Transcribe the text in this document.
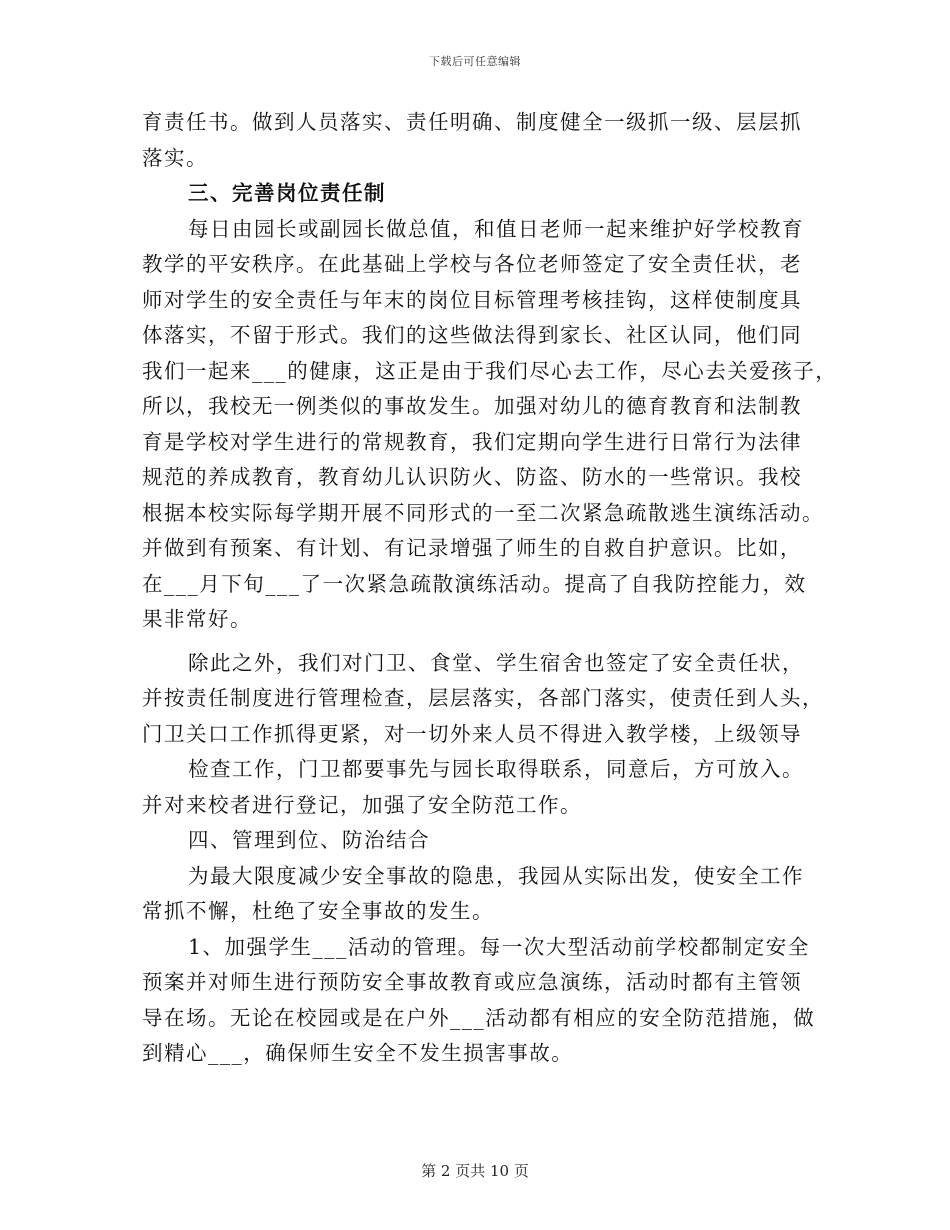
下载后可任意编辑
育责任书。做到人员落实、责任明确、制度健全一级抓一级、层层抓
落实。
三、完善岗位责任制
每日由园长或副园长做总值，和值日老师一起来维护好学校教育
教学的平安秩序。在此基础上学校与各位老师签定了安全责任状，老
师对学生的安全责任与年末的岗位目标管理考核挂钩，这样使制度具
体落实，不留于形式。我们的这些做法得到家长、社区认同，他们同
我们一起来___的健康，这正是由于我们尽心去工作，尽心去关爱孩子，
所以，我校无一例类似的事故发生。加强对幼儿的德育教育和法制教
育是学校对学生进行的常规教育，我们定期向学生进行日常行为法律
规范的养成教育，教育幼儿认识防火、防盗、防水的一些常识。我校
根据本校实际每学期开展不同形式的一至二次紧急疏散逃生演练活动。
并做到有预案、有计划、有记录增强了师生的自救自护意识。比如，
在___月下旬___了一次紧急疏散演练活动。提高了自我防控能力，效
果非常好。
除此之外，我们对门卫、食堂、学生宿舍也签定了安全责任状，
并按责任制度进行管理检查，层层落实，各部门落实，使责任到人头，
门卫关口工作抓得更紧，对一切外来人员不得进入教学楼，上级领导
检查工作，门卫都要事先与园长取得联系，同意后，方可放入。
并对来校者进行登记，加强了安全防范工作。
四、管理到位、防治结合
为最大限度减少安全事故的隐患，我园从实际出发，使安全工作
常抓不懈，杜绝了安全事故的发生。
1、加强学生___活动的管理。每一次大型活动前学校都制定安全
预案并对师生进行预防安全事故教育或应急演练，活动时都有主管领
导在场。无论在校园或是在户外___活动都有相应的安全防范措施，做
到精心___，确保师生安全不发生损害事故。
第 2 页共 10 页
